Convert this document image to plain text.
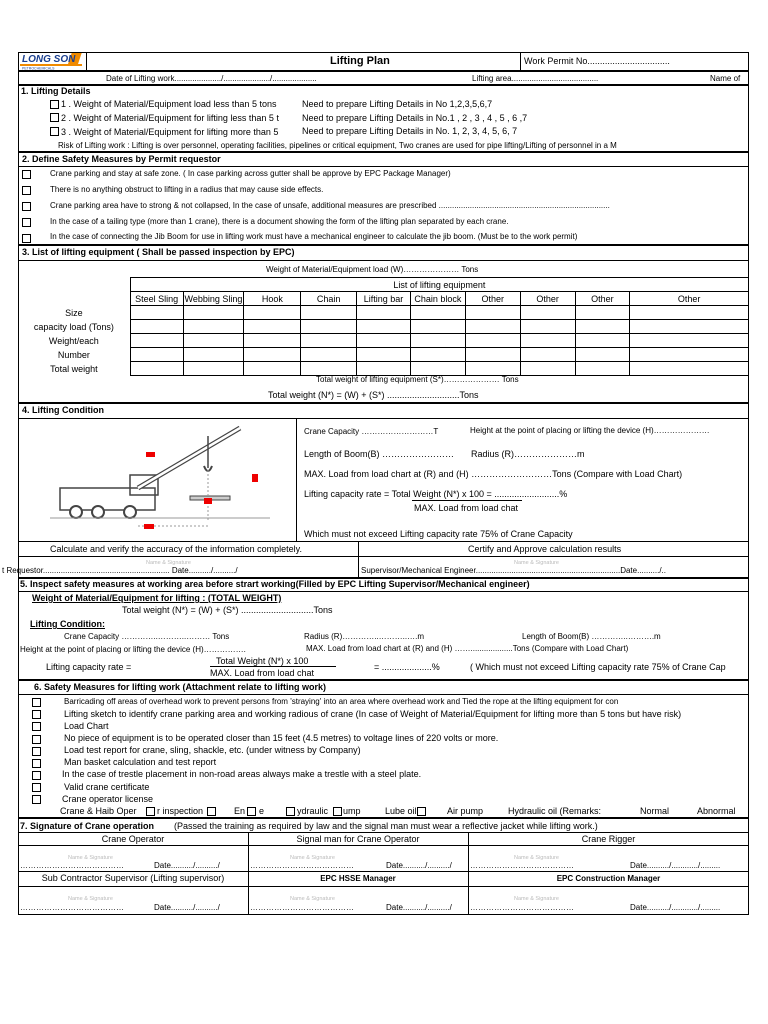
LONG SON
PETROCHEMICALS
Lifting Plan	Work Permit No.................................
Date of Lifting work...................../...................../....................	Lifting area.......................................	Name of
1. Lifting Details
1 . Weight of Material/Equipment load less than 5 tons	Need to prepare Lifting Details in No 1,2,3,5,6,7
2 . Weight of Material/Equipment for lifting less than 5 t	Need to prepare Lifting Details in No.1 , 2 , 3 , 4 , 5 , 6 ,7
3 . Weight of Material/Equipment for lifting more than 5	Need to prepare Lifting Details in No. 1, 2, 3, 4, 5, 6, 7
Risk of Lifting work : Lifting is over personnel, operating facilities, pipelines or critical equipment, Two cranes are used for pipe lifting/Lifting of personnel in a M
2. Define Safety Measures by Permit requestor
Crane parking and stay at safe zone. ( In case parking across gutter shall be approve by EPC Package Manager)
There is no anything obstruct to lifting in a radius that may cause side effects.
Crane parking area have to strong & not collapsed, In the case of unsafe, additional measures are prescribed .............................................................................
In the case of a tailing type (more than 1 crane), there is a document showing the form of the lifting plan separated by each crane.
In the case of connecting the Jib Boom for use in lifting work must have a mechanical engineer to calculate the jib boom. (Must be to the work permit)
3. List of lifting equipment ( Shall be passed inspection by EPC)
Weight of Material/Equipment load (W)………………… Tons
	List of lifting equipment									
	Steel Sling	Webbing Sling	Hook	Chain	Lifting bar	Chain block	Other	Other	Other	Other
Size										
capacity load (Tons)										
Weight/each										
Number										
Total weight										
Total weight of lifting equipment (S*)………………… Tons
Total weight (N*) = (W) + (S*) .............................Tons
4. Lifting Condition
Crane Capacity ………………………T	Height at the point of placing or lifting the device (H)…………………
Length of Boom(B) …………………… Radius (R)…………………m
MAX. Load from load chart at (R) and (H) ………………………Tons (Compare with Load Chart)
Lifting capacity rate = Total Weight (N*) x 100 = ..........................%
MAX. Load from load chat
Which must not exceed Lifting capacity rate 75% of Crane Capacity
Calculate and verify the accuracy of the information completely.	Certify and Approve calculation results
Name & Signature	Name & Signature
t Requestor......................................................... Date........../........../	Supervisor/Mechanical Engineer.................................................................Date........../..
5. Inspect safety measures at working area before strart working(Filled by EPC Lifting Supervisor/Mechanical engineer)
Weight of Material/Equipment for lifting : (TOTAL WEIGHT)
Total weight (N*) = (W) + (S*) .............................Tons
Lifting Condition:
Crane Capacity …………..………..……… Tons	Radius (R)…………..………..….m	Length of Boom(B) …………..……….m
Height at the point of placing or lifting the device (H)…………….	MAX. Load from load chart at (R) and (H) ……...................Tons (Compare with Load Chart)
Lifting capacity rate =
Total Weight (N*) x 100
MAX. Load from load chat
= ....................%	( Which must not exceed Lifting capacity rate 75% of Crane Cap
6. Safety Measures for lifting work (Attachment relate to lifting work)
Barricading off areas of overhead work to prevent persons from 'straying' into an area where overhead work and Tied the rope at the lifting equipment for con
Lifting sketch to identify crane parking area and working radious of crane (In case of Weight of Material/Equipment for lifting more than 5 tons but have risk)
Load Chart
No piece of equipment is to be operated closer than 15 feet (4.5 metres) to voltage lines of 220 volts or more.
Load test report for crane, sling, shackle, etc. (under witness by Company)
Man basket calculation and test report
In the case of trestle placement in non-road areas always make a trestle with a steel plate.
Valid crane certificate
Crane operator license
Crane & Haib Oper r inspection	En e	ydraulic ump	Lube oil	Air pump	Hydraulic oil (Remarks:	Normal	Abnormal
7. Signature of Crane operation (Passed the training as required by law and the signal man must wear a reflective jacket while lifting work.)
Crane Operator	Signal man for Crane Operator	Crane Rigger
Name & Signature	Name & Signature	Name & Signature
…………………………………	Date........../........../	…………………………………	Date........../........../ …………………………………	Date........../............/.........
Sub Contractor Supervisor (Lifting supervisor)	EPC HSSE Manager	EPC Construction Manager
Name & Signature	Name & Signature	Name & Signature
…………………………………	Date........../........../	…………………………………	Date........../........../ …………………………………	Date........../............/.........
